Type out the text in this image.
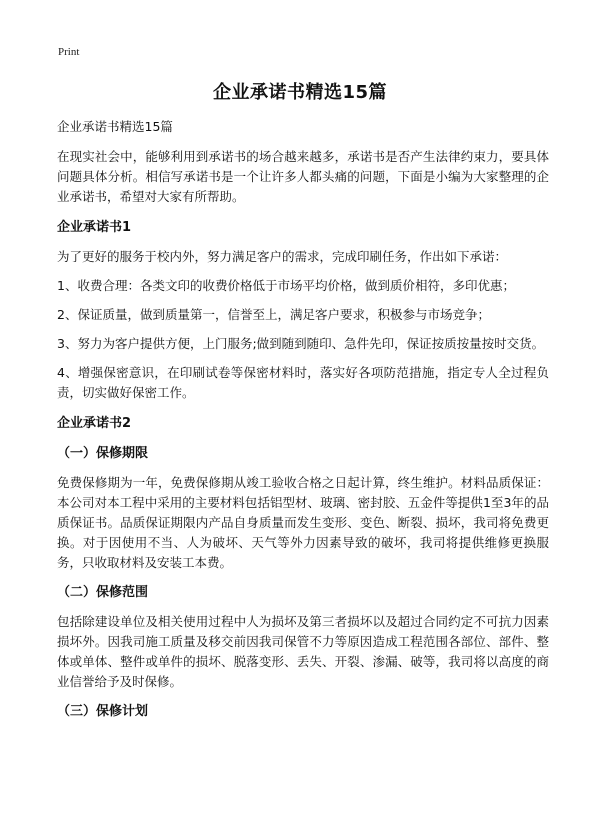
Print
企业承诺书精选15篇
企业承诺书精选15篇

在现实社会中，能够利用到承诺书的场合越来越多，承诺书是否产生法律约束力，要具体问题具体分析。相信写承诺书是一个让许多人都头痛的问题，下面是小编为大家整理的企业承诺书，希望对大家有所帮助。

企业承诺书1

为了更好的服务于校内外，努力满足客户的需求，完成印刷任务，作出如下承诺：

1、收费合理：各类文印的收费价格低于市场平均价格，做到质价相符，多印优惠；

2、保证质量，做到质量第一，信誉至上，满足客户要求，积极参与市场竞争；

3、努力为客户提供方便，上门服务;做到随到随印、急件先印，保证按质按量按时交货。

4、增强保密意识，在印刷试卷等保密材料时，落实好各项防范措施，指定专人全过程负责，切实做好保密工作。

企业承诺书2
（一）保修期限

免费保修期为一年，免费保修期从竣工验收合格之日起计算，终生维护。材料品质保证：本公司对本工程中采用的主要材料包括铝型材、玻璃、密封胶、五金件等提供1至3年的品质保证书。品质保证期限内产品自身质量而发生变形、变色、断裂、损坏，我司将免费更换。对于因使用不当、人为破坏、天气等外力因素导致的破坏，我司将提供维修更换服务，只收取材料及安装工本费。

（二）保修范围

包括除建设单位及相关使用过程中人为损坏及第三者损坏以及超过合同约定不可抗力因素损坏外。因我司施工质量及移交前因我司保管不力等原因造成工程范围各部位、部件、整体或单体、整件或单件的损坏、脱落变形、丢失、开裂、渗漏、破等，我司将以高度的商业信誉给予及时保修。

（三）保修计划
